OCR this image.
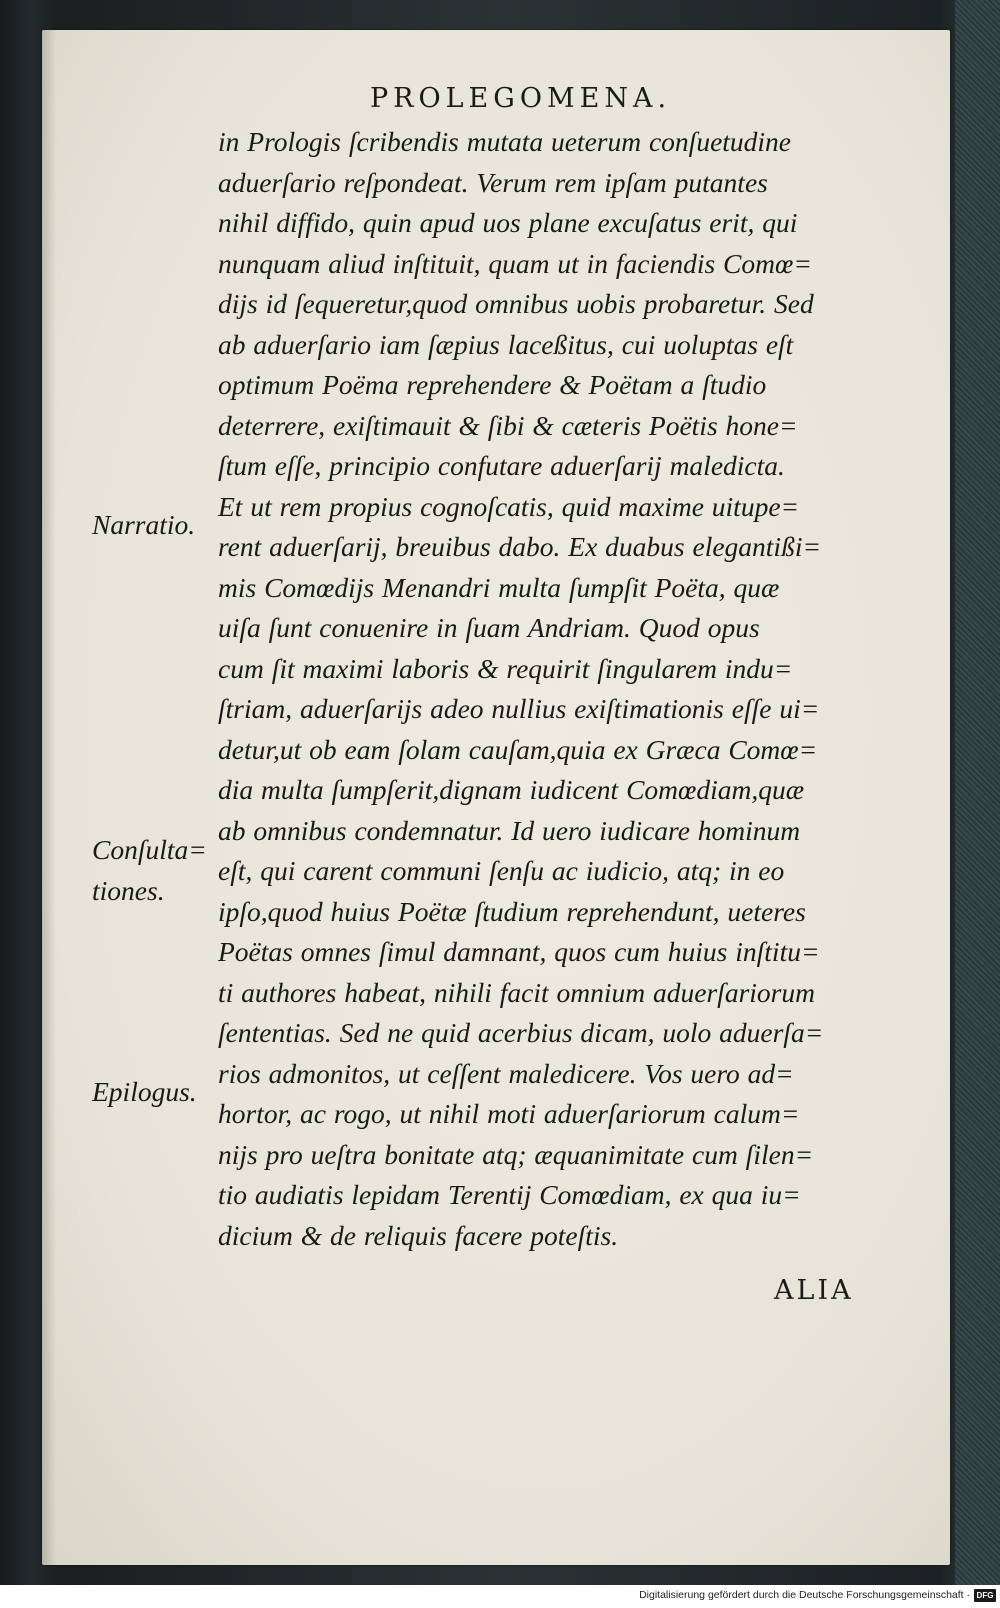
PROLEGOMENA.

Narratio.

Conſulta=
tiones.

Epilogus.

in Prologis ſcribendis mutata ueterum conſuetudine
aduerſario reſpondeat. Verum rem ipſam putantes
nihil diffido, quin apud uos plane excuſatus erit, qui
nunquam aliud inſtituit, quam ut in faciendis Comœ=
dijs id ſequeretur,quod omnibus uobis probaretur. Sed
ab aduerſario iam ſæpius laceßitus, cui uoluptas eſt
optimum Poëma reprehendere & Poëtam a ſtudio
deterrere, exiſtimauit & ſibi & cæteris Poëtis hone=
ſtum eſſe, principio confutare aduerſarij maledicta.
Et ut rem propius cognoſcatis, quid maxime uitupe=
rent aduerſarij, breuibus dabo. Ex duabus elegantißi=
mis Comœdijs Menandri multa ſumpſit Poëta, quæ
uiſa ſunt conuenire in ſuam Andriam. Quod opus
cum ſit maximi laboris & requirit ſingularem indu=
ſtriam, aduerſarijs adeo nullius exiſtimationis eſſe ui=
detur,ut ob eam ſolam cauſam,quia ex Græca Comœ=
dia multa ſumpſerit,dignam iudicent Comœdiam,quæ
ab omnibus condemnatur. Id uero iudicare hominum
eſt, qui carent communi ſenſu ac iudicio, atq; in eo
ipſo,quod huius Poëtæ ſtudium reprehendunt, ueteres
Poëtas omnes ſimul damnant, quos cum huius inſtitu=
ti authores habeat, nihili facit omnium aduerſariorum
ſententias. Sed ne quid acerbius dicam, uolo aduerſa=
rios admonitos, ut ceſſent maledicere. Vos uero ad=
hortor, ac rogo, ut nihil moti aduerſariorum calum=
nijs pro ueſtra bonitate atq; æquanimitate cum ſilen=
tio audiatis lepidam Terentij Comœdiam, ex qua iu=
dicium & de reliquis facere poteſtis.

ALIA

Digitalisierung gefördert durch die Deutsche Forschungsgemeinschaft · DFG
